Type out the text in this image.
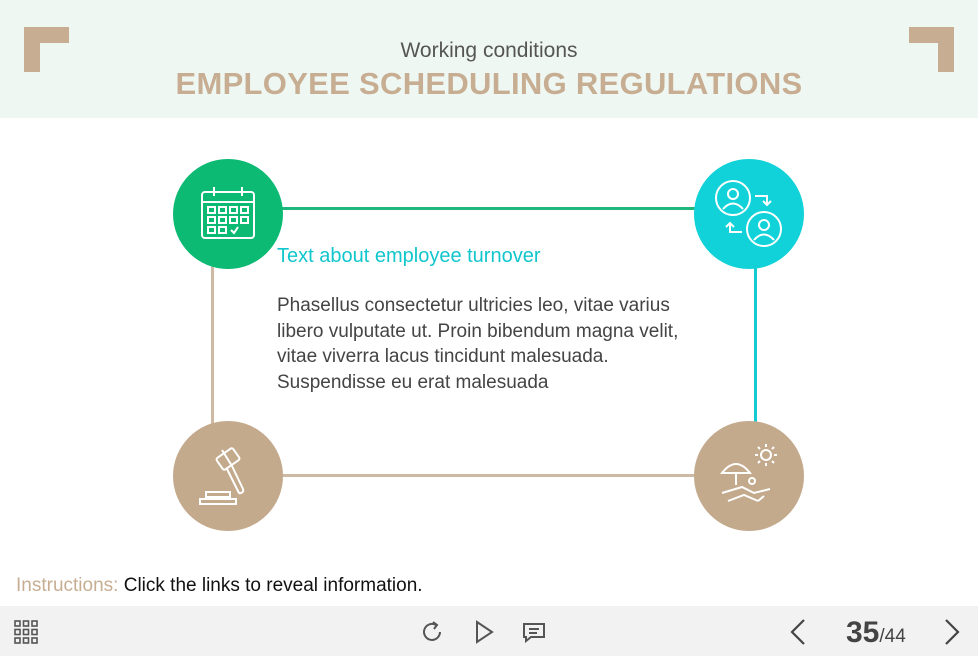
Working conditions
EMPLOYEE SCHEDULING REGULATIONS
Text about employee turnover
Phasellus consectetur ultricies leo, vitae varius libero vulputate ut. Proin bibendum magna velit, vitae viverra lacus tincidunt malesuada. Suspendisse eu erat malesuada
Instructions: Click the links to reveal information.
35/44
